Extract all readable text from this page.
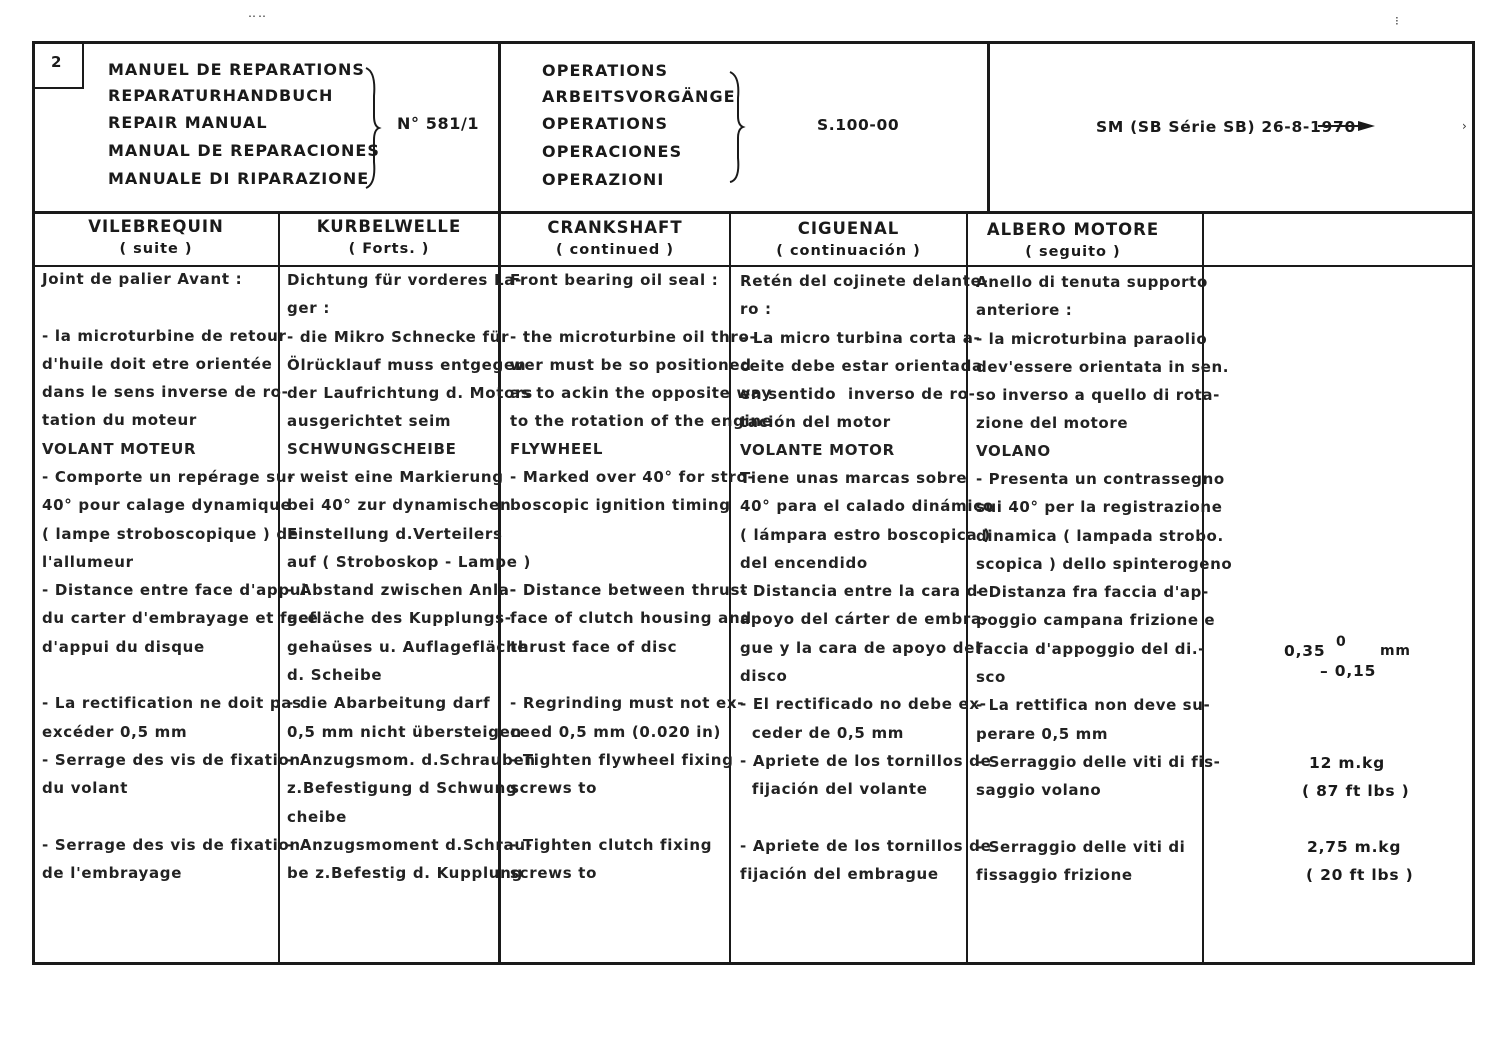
2	MANUEL DE REPARATIONS
REPARATURHANDBUCH
REPAIR MANUAL
MANUAL DE REPARACIONES
MANUALE DI RIPARAZIONE
N° 581/1
OPERATIONS
ARBEITSVORGÄNGE
OPERATIONS
OPERACIONES
OPERAZIONI
S.100-00	SM (SB Série SB) 26-8-1970
VILEBREQUIN
( suite )
KURBELWELLE
( Forts. )
CRANKSHAFT
( continued )
CIGUENAL
( continuación )
ALBERO MOTORE
( seguito )
Joint de palier Avant :

- la microturbine de retour
d'huile doit etre orientée
dans le sens inverse de ro-
tation du moteur
VOLANT MOTEUR
- Comporte un repérage sur
40° pour calage dynamique
( lampe stroboscopique ) de
l'allumeur
- Distance entre face d'appui
du carter d'embrayage et face
d'appui du disque

- La rectification ne doit pas
excéder 0,5 mm
- Serrage des vis de fixation
du volant

- Serrage des vis de fixation
de l'embrayage
Dichtung für vorderes La-
ger :
- die Mikro Schnecke für
Ölrücklauf muss entgegen
der Laufrichtung d. Motors
ausgerichtet seim
SCHWUNGSCHEIBE
- weist eine Markierung
bei 40° zur dynamischen
Einstellung d.Verteilers
auf ( Stroboskop - Lampe )
- Abstand zwischen Anla-
gefläche des Kupplungs-
gehaüses u. Auflagefläche
d. Scheibe
- die Abarbeitung darf
0,5 mm nicht übersteigen
- Anzugsmom. d.Schrauben
z.Befestigung d Schwung
cheibe
- Anzugsmoment d.Schrau-
be z.Befestig d. Kupplung
Front bearing oil seal :

- the microturbine oil thro-
wer must be so positioned
as to ackin the opposite way
to the rotation of the engine
FLYWHEEL
- Marked over 40° for stro-
boscopic ignition timing

- Distance between thrust
face of clutch housing and
thrust face of disc

- Regrinding must not ex-
ceed 0,5 mm (0.020 in)
- Tighten flywheel fixing
screws to

- Tighten clutch fixing
screws to
Retén del cojinete delante-
ro :
- La micro turbina corta a-
ceite debe estar orientada
en sentido  inverso de ro-
tación del motor
VOLANTE MOTOR
Tiene unas marcas sobre
40° para el calado dinámico
( lámpara estro boscopica )
del encendido
- Distancia entre la cara de
apoyo del cárter de embra-
gue y la cara de apoyo del
disco
- El rectificado no debe ex-
ceder de 0,5 mm
- Apriete de los tornillos de
fijación del volante

- Apriete de los tornillos de
fijación del embrague
Anello di tenuta supporto
anteriore :
- la microturbina paraolio
dev'essere orientata in sen.
so inverso a quello di rota-
zione del motore
VOLANO
- Presenta un contrassegno
sui 40° per la registrazione
dinamica ( lampada strobo.
scopica ) dello spinterogeno
- Distanza fra faccia d'ap-
poggio campana frizione e
faccia d'appoggio del di.-
sco
- La rettifica non deve su-
perare 0,5 mm
- Serraggio delle viti di fis-
saggio volano

- Serraggio delle viti di
fissaggio frizione
0,35 0
– 0,15
mm
12 m.kg
( 87 ft lbs )
2,75 m.kg
( 20 ft lbs )
⁝
›
‥‥
